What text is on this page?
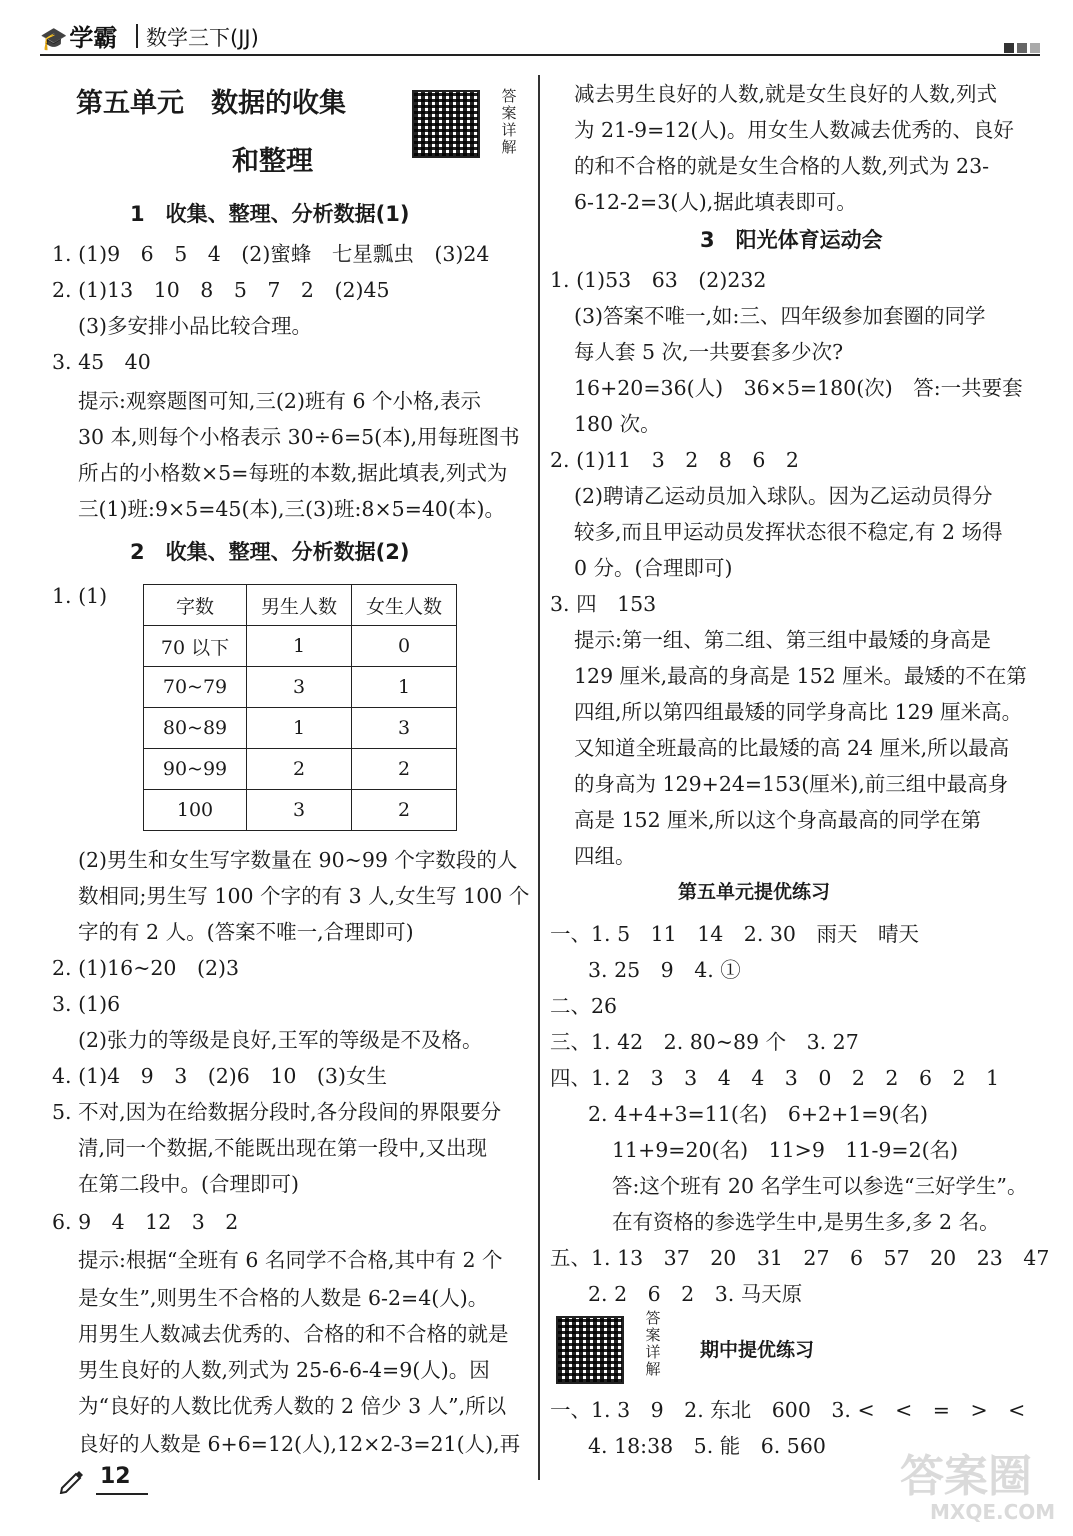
🎓学霸 数学三下(JJ)
第五单元　数据的收集
和整理
答案详解
1　收集、整理、分析数据(1)
1. (1)9　6　5　4　(2)蜜蜂　七星瓢虫　(3)24
2. (1)13　10　8　5　7　2　(2)45
(3)多安排小品比较合理。
3. 45　40
提示:观察题图可知,三(2)班有 6 个小格,表示
30 本,则每个小格表示 30÷6=5(本),用每班图书
所占的小格数×5=每班的本数,据此填表,列式为
三(1)班:9×5=45(本),三(3)班:8×5=40(本)。
2　收集、整理、分析数据(2)
1. (1)	字数	男生人数	女生人数
70 以下	1	0
70~79	3	1
80~89	1	3
90~99	2	2
100	3	2
(2)男生和女生写字数量在 90~99 个字数段的人
数相同;男生写 100 个字的有 3 人,女生写 100 个
字的有 2 人。(答案不唯一,合理即可)
2. (1)16~20　(2)3
3. (1)6
(2)张力的等级是良好,王军的等级是不及格。
4. (1)4　9　3　(2)6　10　(3)女生
5. 不对,因为在给数据分段时,各分段间的界限要分
清,同一个数据,不能既出现在第一段中,又出现
在第二段中。(合理即可)
6. 9　4　12　3　2
提示:根据“全班有 6 名同学不合格,其中有 2 个
是女生”,则男生不合格的人数是 6-2=4(人)。
用男生人数减去优秀的、合格的和不合格的就是
男生良好的人数,列式为 25-6-6-4=9(人)。因
为“良好的人数比优秀人数的 2 倍少 3 人”,所以
良好的人数是 6+6=12(人),12×2-3=21(人),再
减去男生良好的人数,就是女生良好的人数,列式
为 21-9=12(人)。用女生人数减去优秀的、良好
的和不合格的就是女生合格的人数,列式为 23-
6-12-2=3(人),据此填表即可。
3　阳光体育运动会
1. (1)53　63　(2)232
(3)答案不唯一,如:三、四年级参加套圈的同学
每人套 5 次,一共要套多少次?
16+20=36(人)　36×5=180(次)　答:一共要套
180 次。
2. (1)11　3　2　8　6　2
(2)聘请乙运动员加入球队。因为乙运动员得分
较多,而且甲运动员发挥状态很不稳定,有 2 场得
0 分。(合理即可)
3. 四　153
提示:第一组、第二组、第三组中最矮的身高是
129 厘米,最高的身高是 152 厘米。最矮的不在第
四组,所以第四组最矮的同学身高比 129 厘米高。
又知道全班最高的比最矮的高 24 厘米,所以最高
的身高为 129+24=153(厘米),前三组中最高身
高是 152 厘米,所以这个身高最高的同学在第
四组。
第五单元提优练习
一、1. 5　11　14　2. 30　雨天　晴天
3. 25　9　4. ①
二、26
三、1. 42　2. 80~89 个　3. 27
四、1. 2　3　3　4　4　3　0　2　2　6　2　1
2. 4+4+3=11(名)　6+2+1=9(名)
11+9=20(名)　11>9　11-9=2(名)
答:这个班有 20 名学生可以参选“三好学生”。
在有资格的参选学生中,是男生多,多 2 名。
五、1. 13　37　20　31　27　6　57　20　23　47
2. 2　6　2　3. 马天原
答案详解
期中提优练习
一、1. 3　9　2. 东北　600　3. <　<　=　>　<
4. 18:38　5. 能　6. 560
12	答案圈
MXQE.COM
